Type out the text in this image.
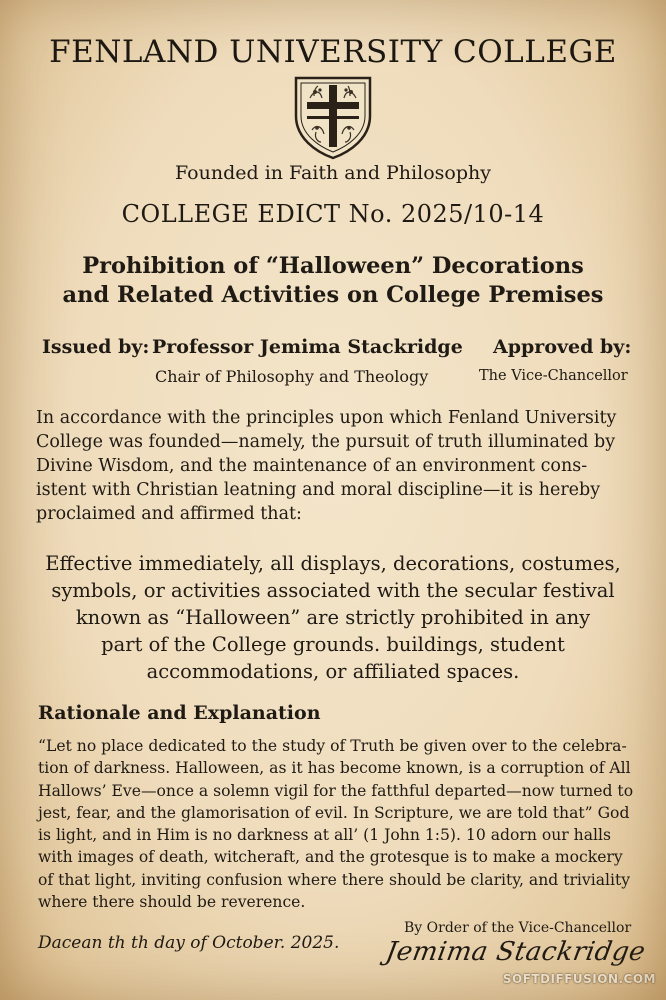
FENLAND UNIVERSITY COLLEGE
Founded in Faith and Philosophy
COLLEGE EDICT No. 2025/10-14
Prohibition of “Halloween” Decorations
and Related Activities on College Premises
Issued by: Professor Jemima Stackridge
Chair of Philosophy and Theology
Approved by:
The Vice-Chancellor
In accordance with the principles upon which Fenland University
College was founded—namely, the pursuit of truth illuminated by
Divine Wisdom, and the maintenance of an environment cons-
istent with Christian leatning and moral discipline—it is hereby
proclaimed and affirmed that:
Effective immediately, all displays, decorations, costumes,
symbols, or activities associated with the secular festival
known as “Halloween” are strictly prohibited in any
part of the College grounds. buildings, student
accommodations, or affiliated spaces.
Rationale and Explanation
“Let no place dedicated to the study of Truth be given over to the celebra-
tion of darkness. Halloween, as it has become known, is a corruption of All
Hallows’ Eve—once a solemn vigil for the fatthful departed—now turned to
jest, fear, and the glamorisation of evil. In Scripture, we are told that” God
is light, and in Him is no darkness at all’ (1 John 1:5). 10 adorn our halls
with images of death, witcheraft, and the grotesque is to make a mockery
of that light, inviting confusion where there should be clarity, and triviality
where there should be reverence.
By Order of the Vice-Chancellor
Dacean th th day of October. 2025. Jemima Stackridge
SOFTDIFFUSION.COM
